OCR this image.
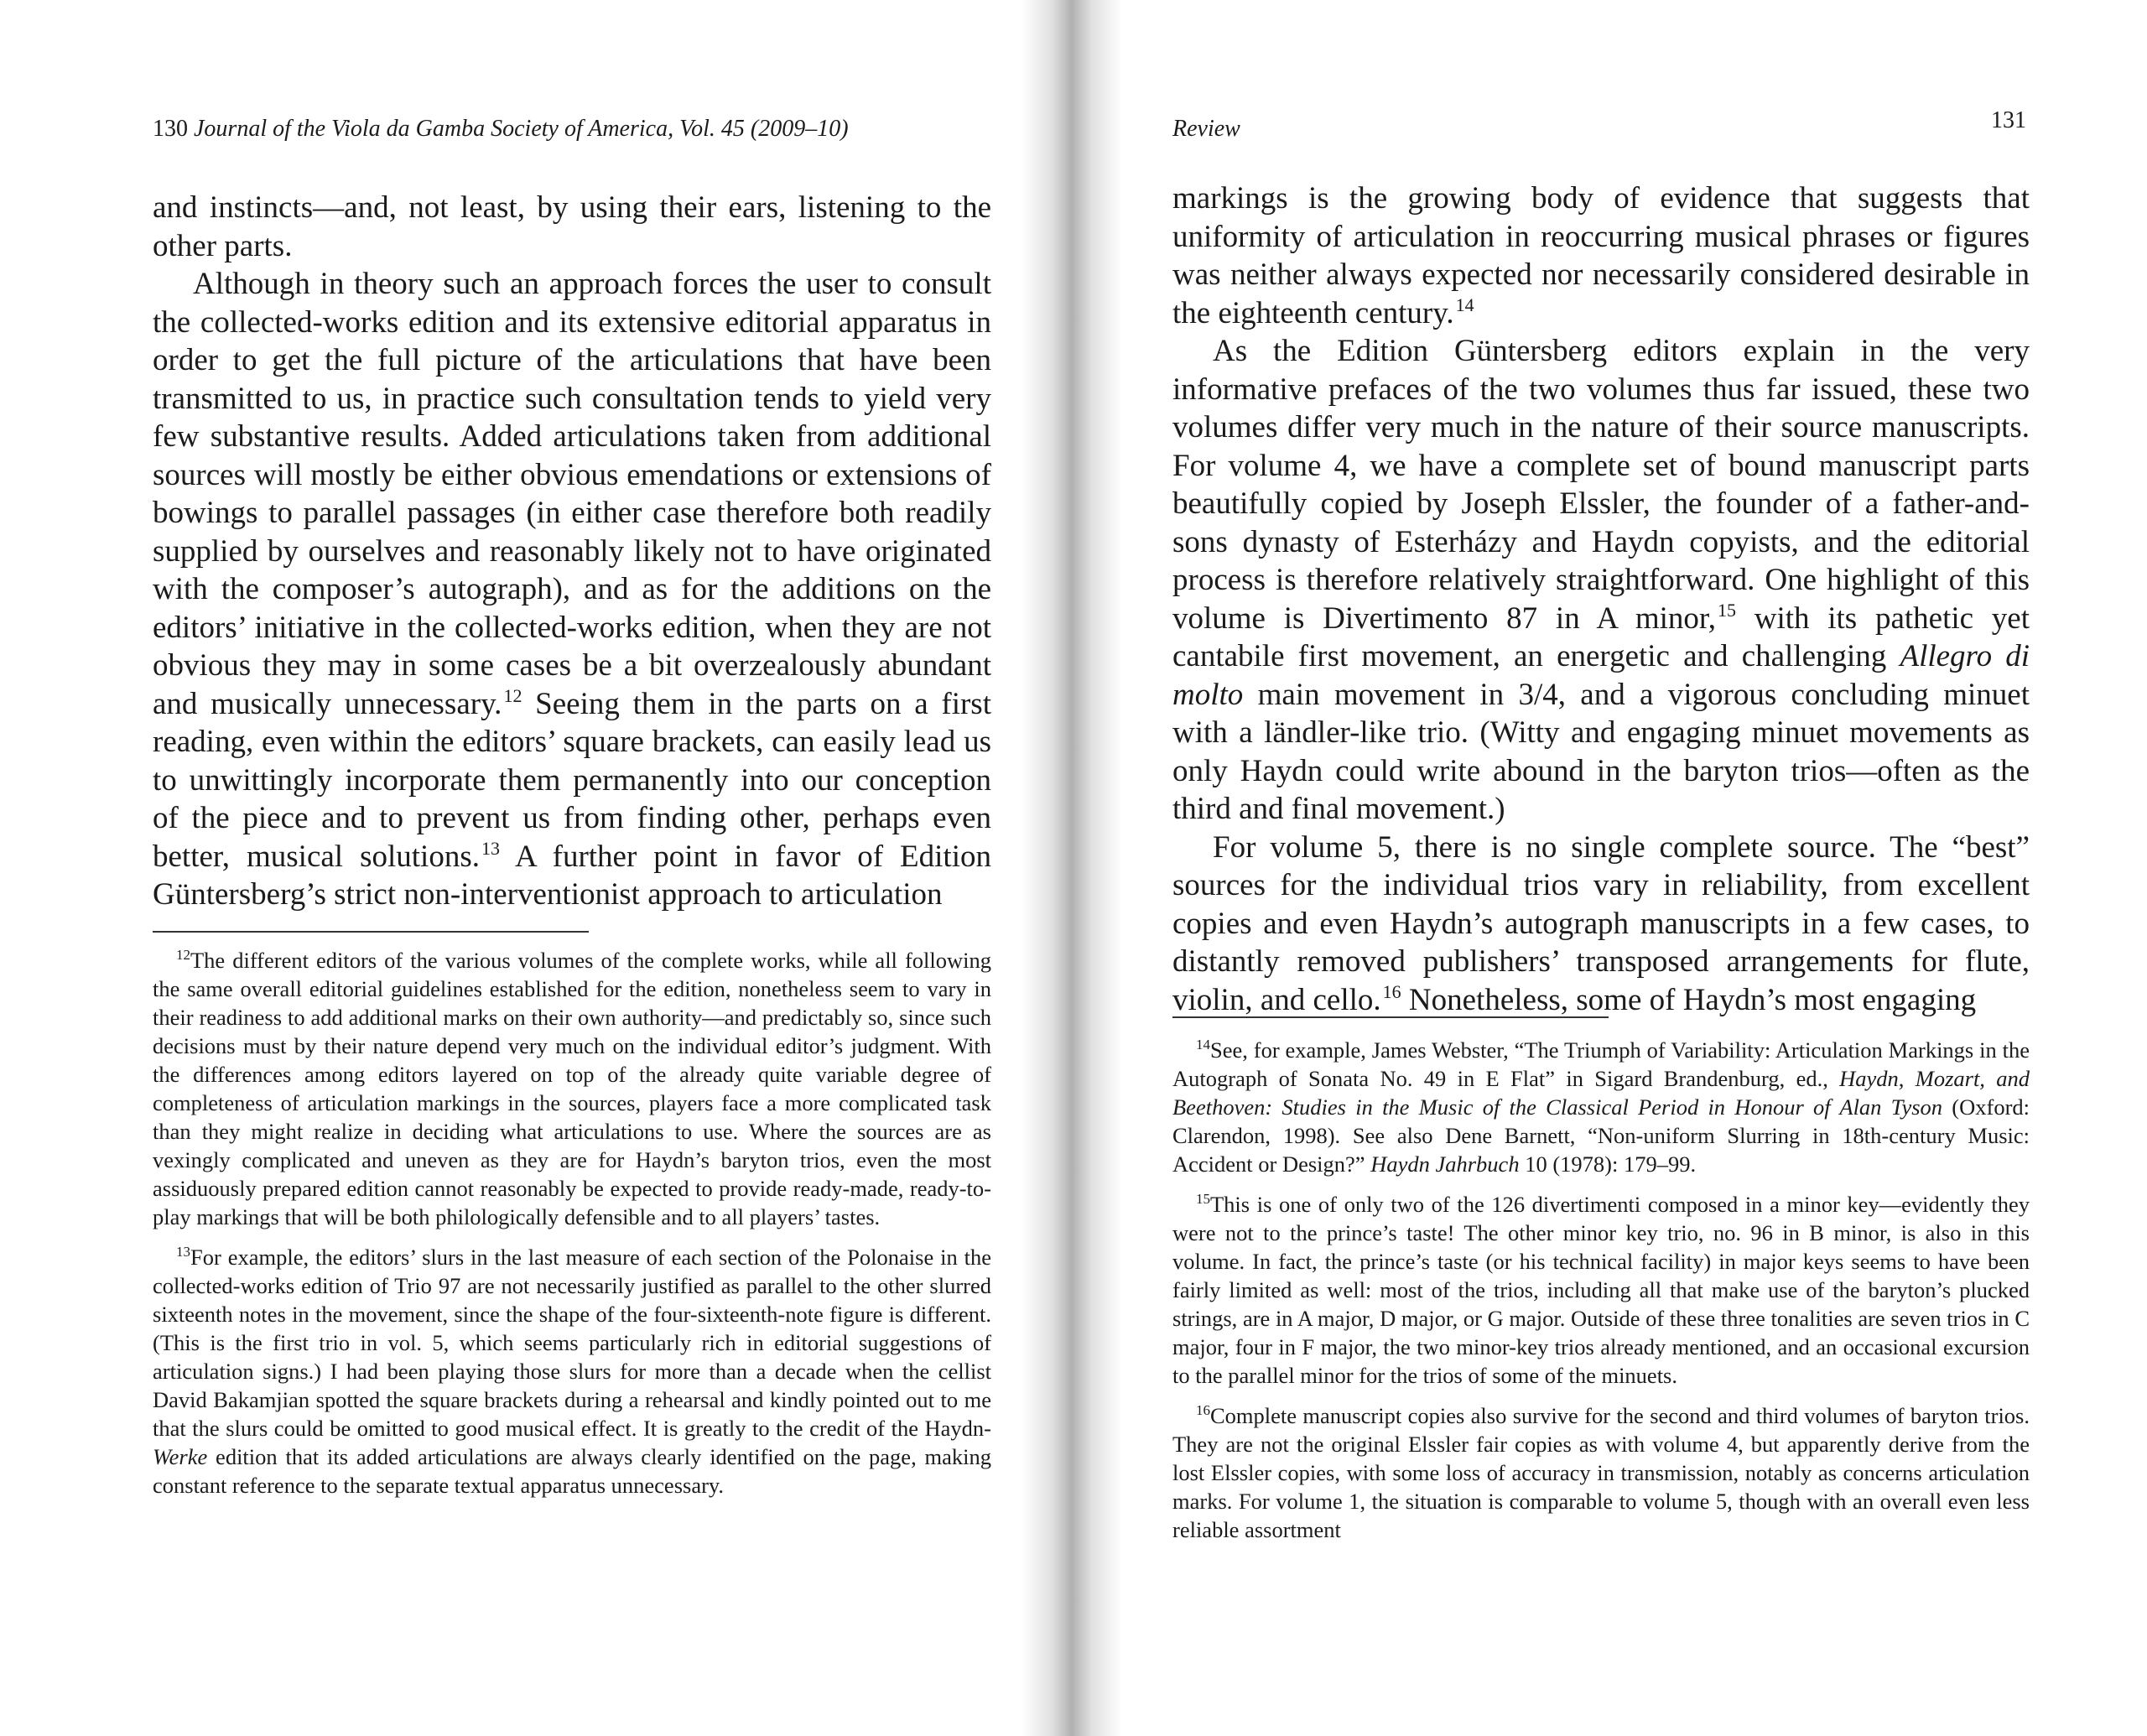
130 Journal of the Viola da Gamba Society of America, Vol. 45 (2009–10)

and instincts—and, not least, by using their ears, listening to the other parts.

Although in theory such an approach forces the user to consult the collected-works edition and its extensive editorial apparatus in order to get the full picture of the articulations that have been transmitted to us, in practice such consultation tends to yield very few substantive results. Added articulations taken from additional sources will mostly be either obvious emendations or extensions of bowings to parallel passages (in either case therefore both readily supplied by ourselves and reasonably likely not to have originated with the composer’s autograph), and as for the additions on the editors’ initiative in the collected-works edition, when they are not obvious they may in some cases be a bit overzealously abundant and musically unnecessary.$^{12}$ Seeing them in the parts on a first reading, even within the editors’ square brackets, can easily lead us to unwittingly incorporate them permanently into our conception of the piece and to prevent us from finding other, perhaps even better, musical solutions.$^{13}$ A further point in favor of Edition Güntersberg’s strict non-interventionist approach to articulation

$^{12}$The different editors of the various volumes of the complete works, while all following the same overall editorial guidelines established for the edition, nonetheless seem to vary in their readiness to add additional marks on their own authority—and predictably so, since such decisions must by their nature depend very much on the individual editor’s judgment. With the differences among editors layered on top of the already quite variable degree of completeness of articulation markings in the sources, players face a more complicated task than they might realize in deciding what articulations to use. Where the sources are as vexingly complicated and uneven as they are for Haydn’s baryton trios, even the most assiduously prepared edition cannot reasonably be expected to provide ready-made, ready-to-play markings that will be both philologically defensible and to all players’ tastes.

$^{13}$For example, the editors’ slurs in the last measure of each section of the Polonaise in the collected-works edition of Trio 97 are not necessarily justified as parallel to the other slurred sixteenth notes in the movement, since the shape of the four-sixteenth-note figure is different. (This is the first trio in vol. 5, which seems particularly rich in editorial suggestions of articulation signs.) I had been playing those slurs for more than a decade when the cellist David Bakamjian spotted the square brackets during a rehearsal and kindly pointed out to me that the slurs could be omitted to good musical effect. It is greatly to the credit of the Haydn-Werke edition that its added articulations are always clearly identified on the page, making constant reference to the separate textual apparatus unnecessary.

Review	131

markings is the growing body of evidence that suggests that uniformity of articulation in reoccurring musical phrases or figures was neither always expected nor necessarily considered desirable in the eighteenth century.$^{14}$

As the Edition Güntersberg editors explain in the very informative prefaces of the two volumes thus far issued, these two volumes differ very much in the nature of their source manuscripts. For volume 4, we have a complete set of bound manuscript parts beautifully copied by Joseph Elssler, the founder of a father-and-sons dynasty of Esterházy and Haydn copyists, and the editorial process is therefore relatively straightforward. One highlight of this volume is Divertimento 87 in A minor,$^{15}$ with its pathetic yet cantabile first movement, an energetic and challenging Allegro di molto main movement in 3/4, and a vigorous concluding minuet with a ländler-like trio. (Witty and engaging minuet movements as only Haydn could write abound in the baryton trios—often as the third and final movement.)

For volume 5, there is no single complete source. The “best” sources for the individual trios vary in reliability, from excellent copies and even Haydn’s autograph manuscripts in a few cases, to distantly removed publishers’ transposed arrangements for flute, violin, and cello.$^{16}$ Nonetheless, some of Haydn’s most engaging

$^{14}$See, for example, James Webster, “The Triumph of Variability: Articulation Markings in the Autograph of Sonata No. 49 in E Flat” in Sigard Brandenburg, ed., Haydn, Mozart, and Beethoven: Studies in the Music of the Classical Period in Honour of Alan Tyson (Oxford: Clarendon, 1998). See also Dene Barnett, “Non-uniform Slurring in 18th-century Music: Accident or Design?” Haydn Jahrbuch 10 (1978): 179–99.

$^{15}$This is one of only two of the 126 divertimenti composed in a minor key—evidently they were not to the prince’s taste! The other minor key trio, no. 96 in B minor, is also in this volume. In fact, the prince’s taste (or his technical facility) in major keys seems to have been fairly limited as well: most of the trios, including all that make use of the baryton’s plucked strings, are in A major, D major, or G major. Outside of these three tonalities are seven trios in C major, four in F major, the two minor-key trios already mentioned, and an occasional excursion to the parallel minor for the trios of some of the minuets.

$^{16}$Complete manuscript copies also survive for the second and third volumes of baryton trios. They are not the original Elssler fair copies as with volume 4, but apparently derive from the lost Elssler copies, with some loss of accuracy in transmission, notably as concerns articulation marks. For volume 1, the situation is comparable to volume 5, though with an overall even less reliable assortment
